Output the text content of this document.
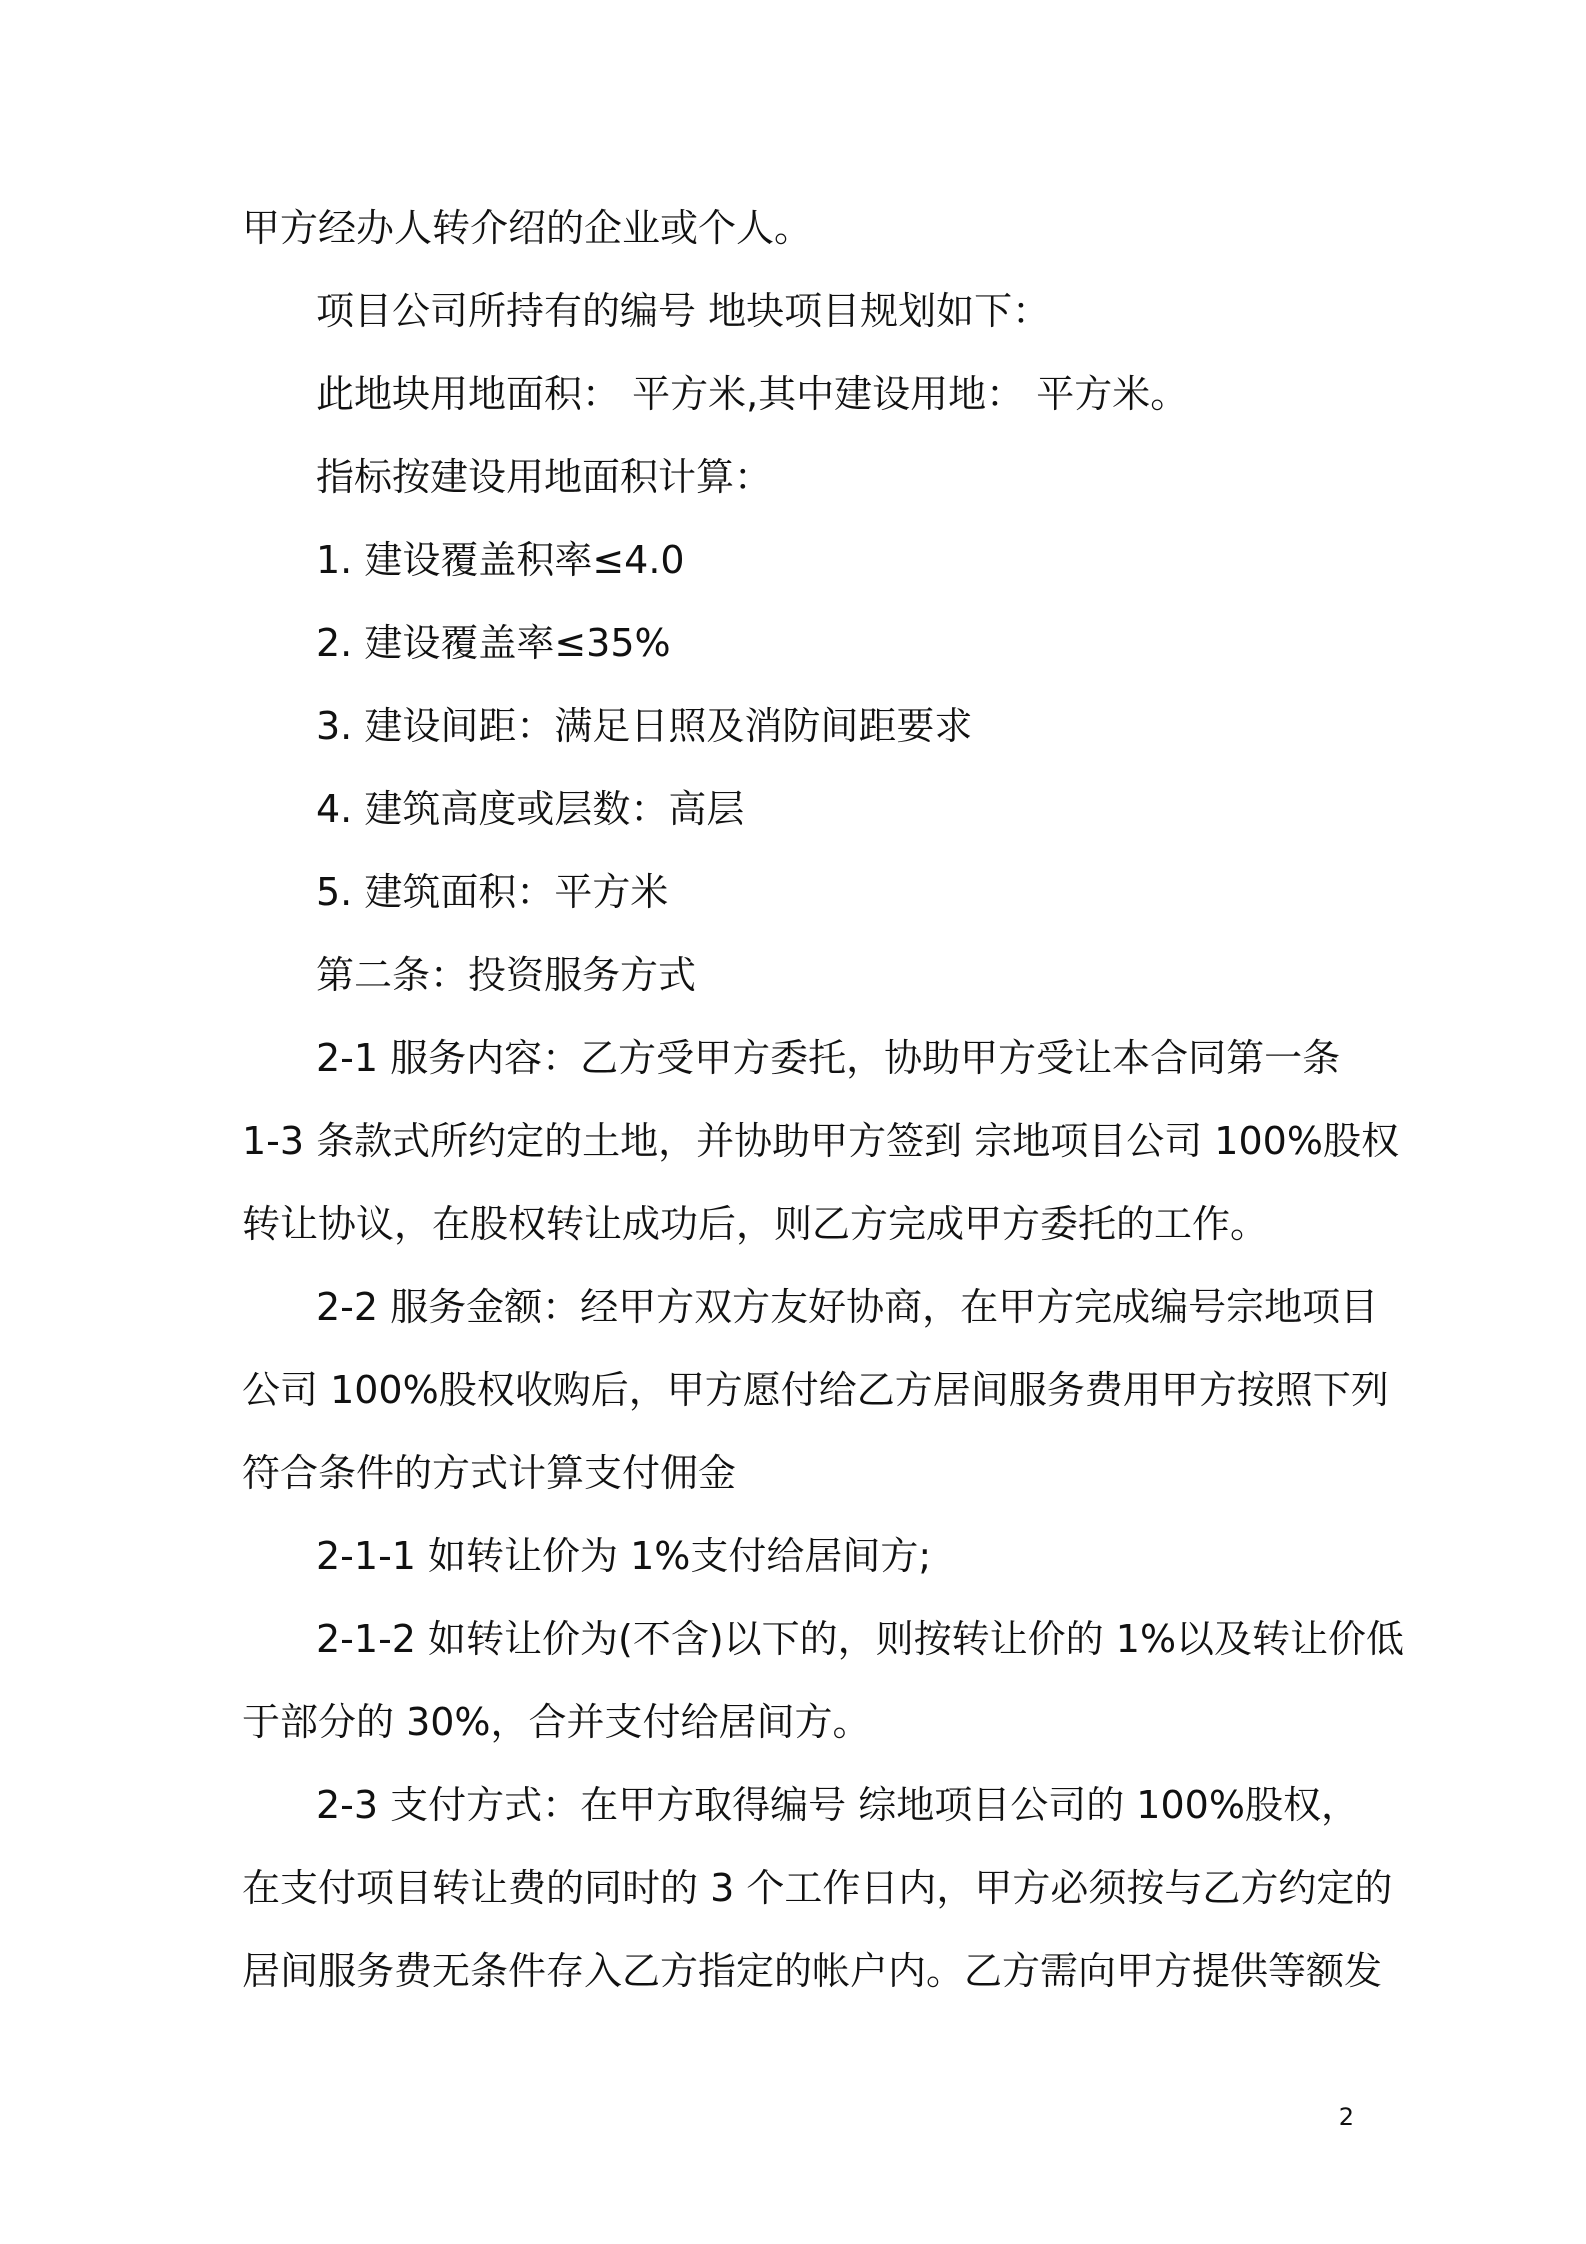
甲方经办人转介绍的企业或个人。
项目公司所持有的编号 地块项目规划如下：
此地块用地面积： 平方米,其中建设用地： 平方米。
指标按建设用地面积计算：
1. 建设覆盖积率≤4.0
2. 建设覆盖率≤35%
3. 建设间距：满足日照及消防间距要求
4. 建筑高度或层数：高层
5. 建筑面积：平方米
第二条：投资服务方式
2-1 服务内容：乙方受甲方委托，协助甲方受让本合同第一条
1-3 条款式所约定的土地，并协助甲方签到 宗地项目公司 100%股权
转让协议，在股权转让成功后，则乙方完成甲方委托的工作。
2-2 服务金额：经甲方双方友好协商，在甲方完成编号宗地项目
公司 100%股权收购后，甲方愿付给乙方居间服务费用甲方按照下列
符合条件的方式计算支付佣金
2-1-1 如转让价为 1%支付给居间方;
2-1-2 如转让价为(不含)以下的，则按转让价的 1%以及转让价低
于部分的 30%，合并支付给居间方。
2-3 支付方式：在甲方取得编号 综地项目公司的 100%股权，
在支付项目转让费的同时的 3 个工作日内，甲方必须按与乙方约定的
居间服务费无条件存入乙方指定的帐户内。乙方需向甲方提供等额发
2
